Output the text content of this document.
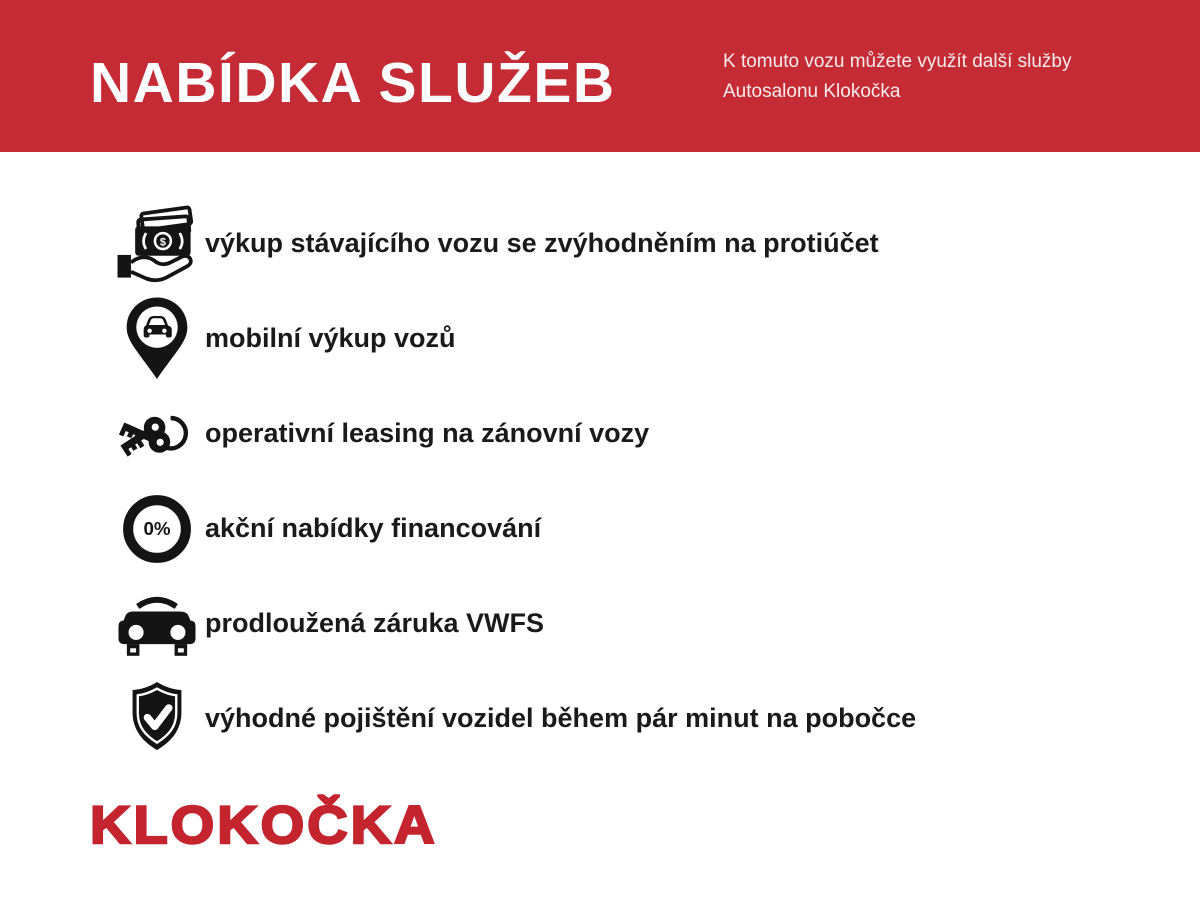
NABÍDKA SLUŽEB	K tomuto vozu můžete využít další služby
Autosalonu Klokočka
$ výkup stávajícího vozu se zvýhodněním na protiúčet
mobilní výkup vozů
operativní leasing na zánovní vozy
0% akční nabídky financování
prodloužená záruka VWFS
výhodné pojištění vozidel během pár minut na pobočce
KLOKOČKA
